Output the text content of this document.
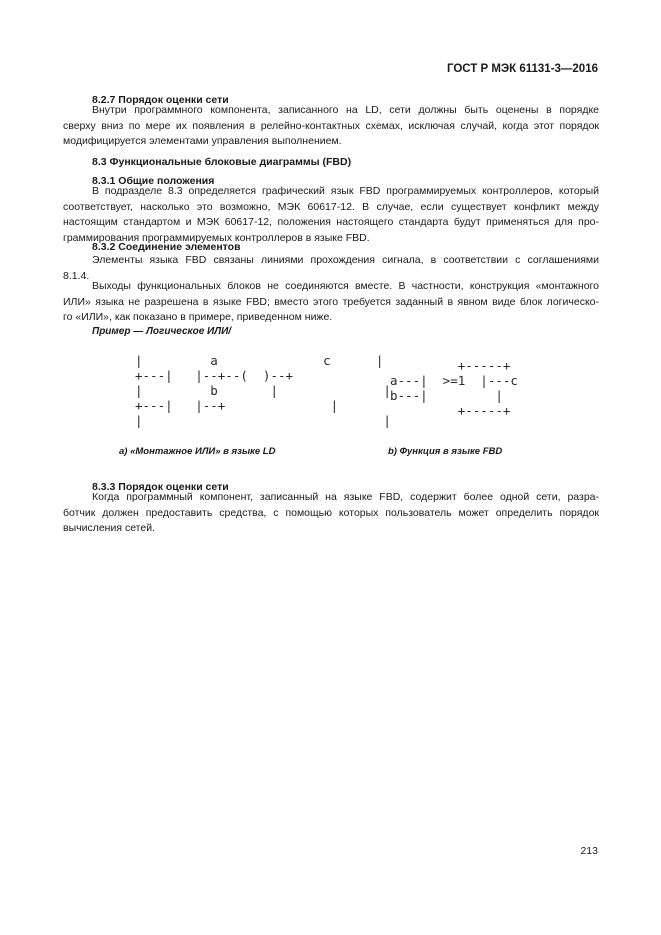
ГОСТ Р МЭК 61131-3—2016
8.2.7 Порядок оценки сети
Внутри программного компонента, записанного на LD, сети должны быть оценены в порядке
сверху вниз по мере их появления в релейно-контактных схемах, исключая случай, когда этот порядок
модифицируется элементами управления выполнением.
8.3 Функциональные блоковые диаграммы (FBD)
8.3.1 Общие положения
В подразделе 8.3 определяется графический язык FBD программируемых контроллеров, который
соответствует, насколько это возможно, МЭК 60617-12. В случае, если существует конфликт между
настоящим стандартом и МЭК 60617-12, положения настоящего стандарта будут применяться для про-
граммирования программируемых контроллеров в языке FBD.
8.3.2 Соединение элементов
Элементы языка FBD связаны линиями прохождения сигнала, в соответствии с соглашениями
8.1.4.
Выходы функциональных блоков не соединяются вместе. В частности, конструкция «монтажного
ИЛИ» языка не разрешена в языке FBD; вместо этого требуется заданный в явном виде блок логическо-
го «ИЛИ», как показано в примере, приведенном ниже.
Пример — Логическое ИЛИ/
|         a              c      |
+---|   |--+--(  )--+
|         b       |              |
+---|   |--+              |
|                                |
+-----+
a---|  >=1  |---c
b---|         |
+-----+
а) «Монтажное ИЛИ» в языке LD	b) Функция в языке FBD
8.3.3 Порядок оценки сети
Когда программный компонент, записанный на языке FBD, содержит более одной сети, разра-
ботчик должен предоставить средства, с помощью которых пользователь может определить порядок
вычисления сетей.
213
